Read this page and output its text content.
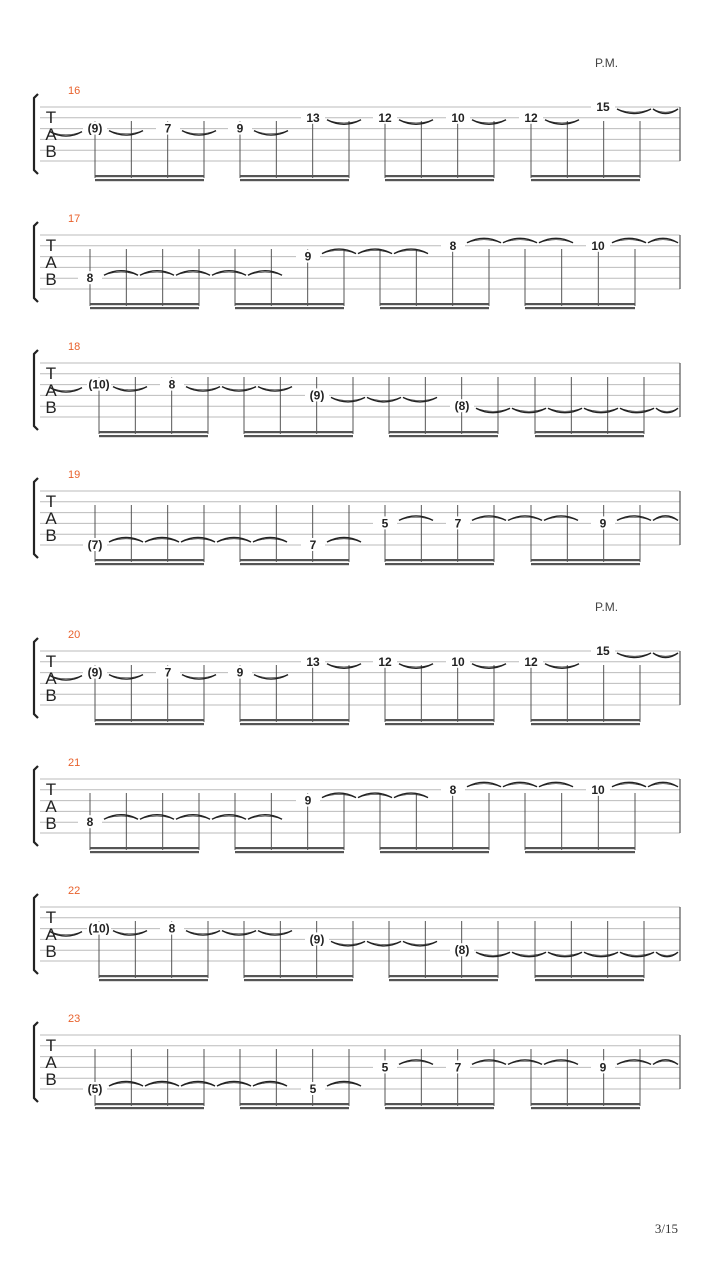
T
A
B
16
P.M.
(9)	7	9
13	12	10	12
15
T
A
B
17
8
9
8	10
T
A
B
18
(10)	8
(9)
(8)
T
A
B
19
(7)	7
5	7	9
T
A
B
20
P.M.
(9)	7	9
13	12	10	12
15
T
A
B
21
8
9
8	10
T
A
B
22
(10)	8
(9)
(8)
T
A
B
23
(5)	5
5	7	9
3/15
